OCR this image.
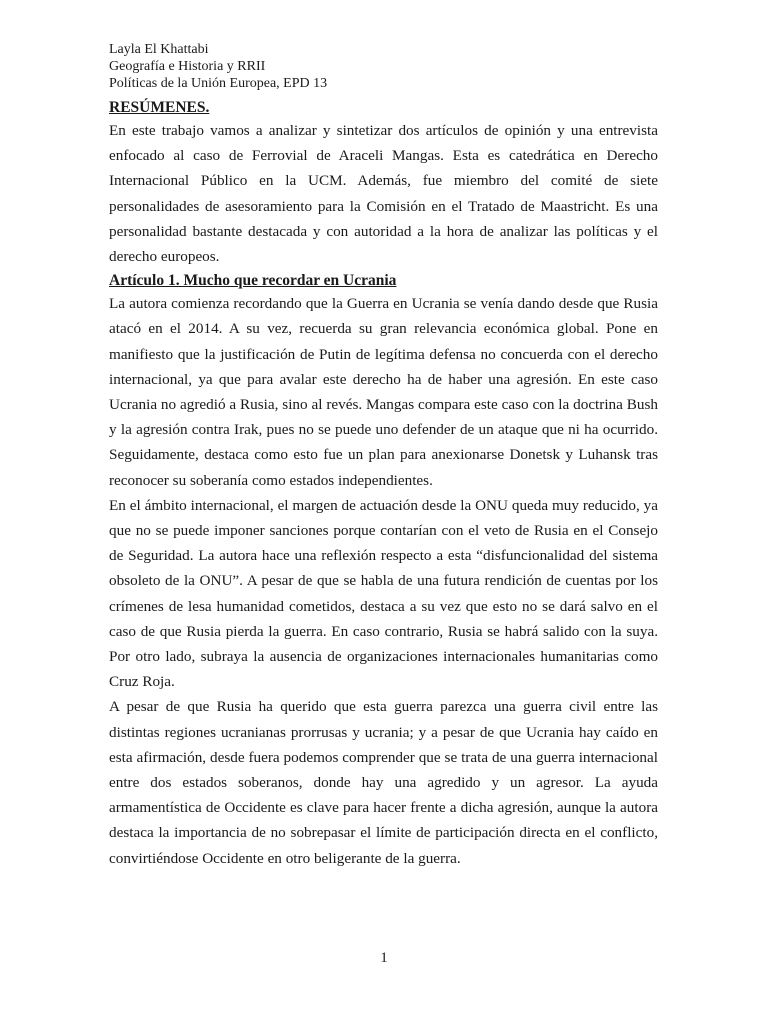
Layla El Khattabi

Geografía e Historia y RRII

Políticas de la Unión Europea, EPD 13

RESÚMENES.

En este trabajo vamos a analizar y sintetizar dos artículos de opinión y una entrevista enfocado al caso de Ferrovial de Araceli Mangas. Esta es catedrática en Derecho Internacional Público en la UCM. Además, fue miembro del comité de siete personalidades de asesoramiento para la Comisión en el Tratado de Maastricht. Es una personalidad bastante destacada y con autoridad a la hora de analizar las políticas y el derecho europeos.

Artículo 1. Mucho que recordar en Ucrania

La autora comienza recordando que la Guerra en Ucrania se venía dando desde que Rusia atacó en el 2014. A su vez, recuerda su gran relevancia económica global. Pone en manifiesto que la justificación de Putin de legítima defensa no concuerda con el derecho internacional, ya que para avalar este derecho ha de haber una agresión. En este caso Ucrania no agredió a Rusia, sino al revés. Mangas compara este caso con la doctrina Bush y la agresión contra Irak, pues no se puede uno defender de un ataque que ni ha ocurrido. Seguidamente, destaca como esto fue un plan para anexionarse Donetsk y Luhansk tras reconocer su soberanía como estados independientes.

En el ámbito internacional, el margen de actuación desde la ONU queda muy reducido, ya que no se puede imponer sanciones porque contarían con el veto de Rusia en el Consejo de Seguridad. La autora hace una reflexión respecto a esta “disfuncionalidad del sistema obsoleto de la ONU”. A pesar de que se habla de una futura rendición de cuentas por los crímenes de lesa humanidad cometidos, destaca a su vez que esto no se dará salvo en el caso de que Rusia pierda la guerra. En caso contrario, Rusia se habrá salido con la suya. Por otro lado, subraya la ausencia de organizaciones internacionales humanitarias como Cruz Roja.

A pesar de que Rusia ha querido que esta guerra parezca una guerra civil entre las distintas regiones ucranianas prorrusas y ucrania; y a pesar de que Ucrania hay caído en esta afirmación, desde fuera podemos comprender que se trata de una guerra internacional entre dos estados soberanos, donde hay una agredido y un agresor. La ayuda armamentística de Occidente es clave para hacer frente a dicha agresión, aunque la autora destaca la importancia de no sobrepasar el límite de participación directa en el conflicto, convirtiéndose Occidente en otro beligerante de la guerra.

1
